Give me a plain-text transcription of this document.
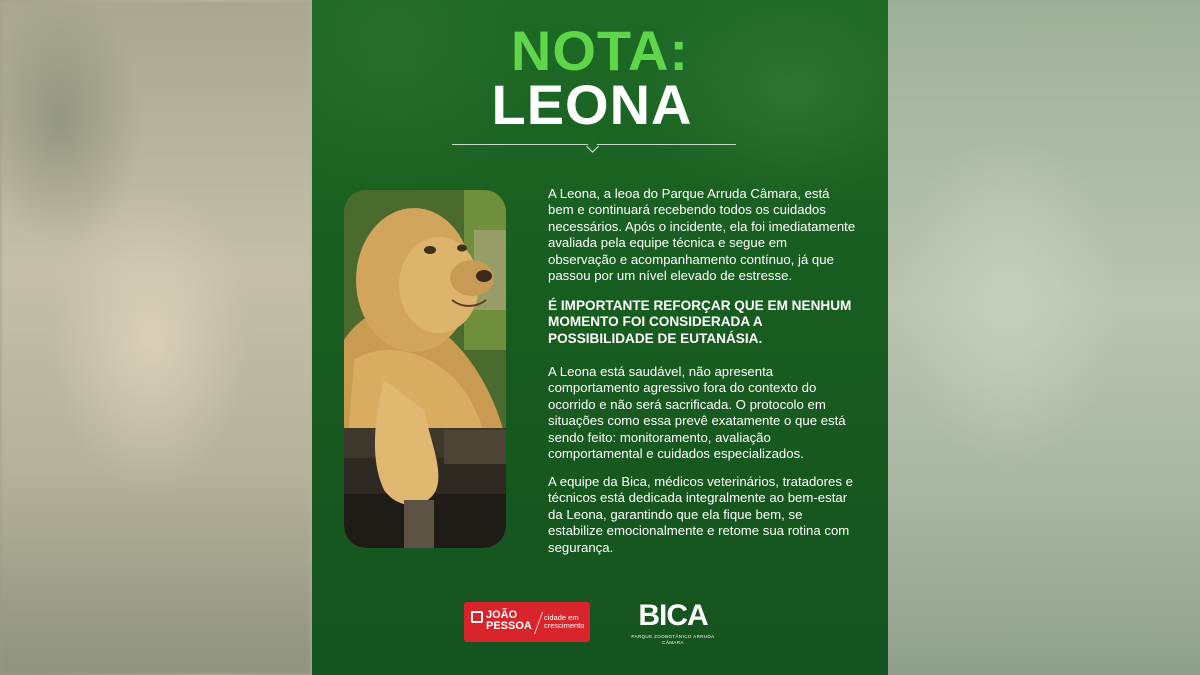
NOTA:
LEONA
A Leona, a leoa do Parque Arruda Câmara, está bem e continuará recebendo todos os cuidados necessários. Após o incidente, ela foi imediatamente avaliada pela equipe técnica e segue em observação e acompanhamento contínuo, já que passou por um nível elevado de estresse.
É IMPORTANTE REFORÇAR QUE EM NENHUM MOMENTO FOI CONSIDERADA A POSSIBILIDADE DE EUTANÁSIA.
A Leona está saudável, não apresenta comportamento agressivo fora do contexto do ocorrido e não será sacrificada. O protocolo em situações como essa prevê exatamente o que está sendo feito: monitoramento, avaliação comportamental e cuidados especializados.
A equipe da Bica, médicos veterinários, tratadores e técnicos está dedicada integralmente ao bem-estar da Leona, garantindo que ela fique bem, se estabilize emocionalmente e retome sua rotina com segurança.
JOÃO PESSOA
cidade em crescimento	BICA
PARQUE ZOOBOTÂNICO ARRUDA CÂMARA
